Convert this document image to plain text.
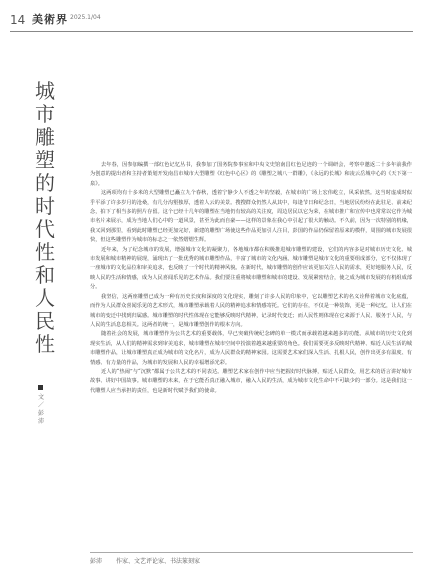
14 美術界 2025.1/04
城
市
雕
塑
的
时
代
性
和
人
民
性
文
／
彭
沛

去年春，因参加编撰一部红色记忆丛书，我参加了国务院参事室和中央文史馆南昌红色足迹的一个调研会，考察中邀返二十多年前我作为创意的提出者和主持者策划开发南昌市城市大型雕塑《红色中心区》的《雕塑之城八一群雕》，《永远的长城》和凌云岳城中心的《天下第一泉》。

这两项均有十多米的大型雕塑已矗立九个春秋，透着宁静少人不透之年的坚毅，在城市的广场上宏伟屹立，风采依然。这当时虚成时似乎平添了许多岁月的沧桑，有几分沟壑独厚，透着人云的美景。搜搜群众仍然人从其中，每逢节日和纪念日，当地居民纷纷在此驻足、前来纪念，拍下了相当多的照片存留。这个已经十几年的雕塑在当地仍有较高的关注度，周边居民以它为荣，在城市推广和宣传中也常常以它作为城市名片来展示，成为当地人们心中的一道风景，甚至为此而自豪——这样的景象在我心中引起了很大的触动。不久前，因为一次特别的机缘，我又回到那里，看到此时雕塑已经更加完好，新建的雕塑广场使这些作品更加引人注目，彭国的作品仍保留着原来的模样，周围的城市发展很快，但这些雕塑作为城市的标志之一依然熠熠生辉。

近年来，为了纪念城市的发展，增强城市文化的凝聚力，各地城市都在积极推进城市雕塑的建设，它们的内容多是对城市历史文化、城市发展和城市精神的展现，涌现出了一批优秀的城市雕塑作品，丰富了城市的文化内涵。城市雕塑是城市文化的重要组成部分，它不仅体现了一座城市的文化品位和审美追求，也反映了一个时代的精神风貌。在新时代，城市雕塑的创作应该更加关注人民的需求，更好地服务人民，反映人民的生活和情感，成为人民喜闻乐见的艺术作品。我们要注重将城市雕塑和城市的建设、发展紧密结合，使之成为城市发展的有机组成部分。

我坚信，这两座雕塑已成为一种有历史长度和深度的文化现实，雕刻了许多人民的印象中，它以雕塑艺术的名义诠释着城市文化底蕴，而作为人民群众喜闻乐见的艺术形式，城市雕塑承载着人民的精神追求和情感寄托。它们的存在，不仅是一种装饰，更是一种记忆，让人们在城市的变迁中找到归属感。城市雕塑的时代性体现在它能够反映时代精神，记录时代变迁；而人民性则体现在它来源于人民、服务于人民，与人民的生活息息相关。这两者的统一，是城市雕塑创作的根本方向。

随着社会的发展，城市雕塑作为公共艺术的重要载体，早已突破传统纪念碑的单一模式而承载着越来越多的功能。从城市的历史文化到现实生活，从人们的精神需求到审美追求，城市雕塑在城市空间中扮演着越来越重要的角色。我们需要更多反映时代精神、贴近人民生活的城市雕塑作品，让城市雕塑真正成为城市的文化名片，成为人民群众的精神家园。这需要艺术家们深入生活、扎根人民，创作出更多有温度、有情感、有力量的作品，为城市的发展和人民的幸福增添光彩。

近人的“热闹”与“沉默”都属于公共艺术的不同表达。雕塑艺术家在创作中应当把握好时代脉搏，贴近人民群众，用艺术的语言讲好城市故事、讲好中国故事。城市雕塑的未来，在于它能否真正融入城市，融入人民的生活，成为城市文化生命中不可缺少的一部分。这是我们这一代雕塑人应当承担的责任，也是新时代赋予我们的使命。

彭沛 作家、文艺评论家、书法篆刻家
